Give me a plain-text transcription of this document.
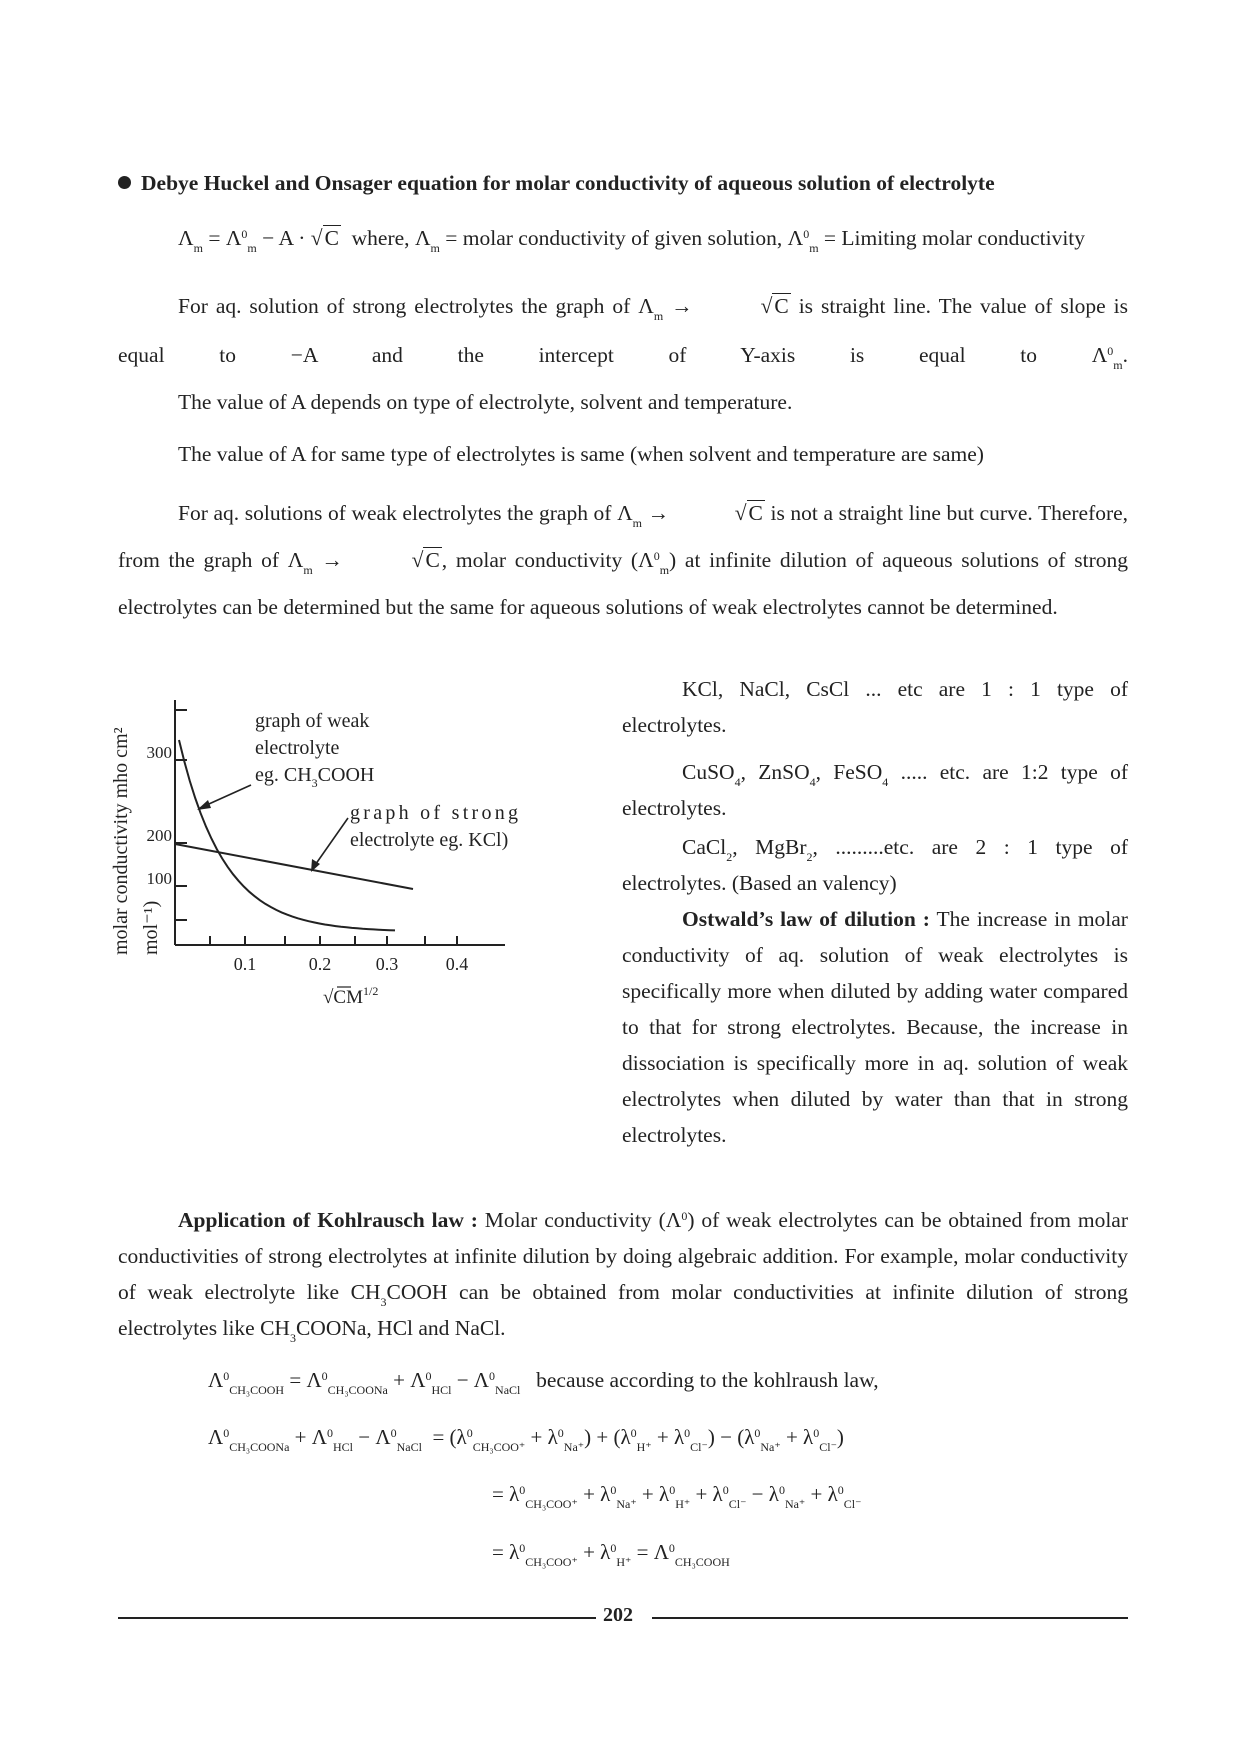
Debye Huckel and Onsager equation for molar conductivity of aqueous solution of electrolyte
$\Lambda_m = \Lambda^0_m - A \cdot √C$ where, $\Lambda_m$ = molar conductivity of given solution, $\Lambda^0_m$ = Limiting molar conductivity
For aq. solution of strong electrolytes the graph of $\Lambda_m$ →	√C is straight line. The value of slope is equal to −A and the intercept of Y-axis is equal to	$\Lambda^0_m$.
The value of A depends on type of electrolyte, solvent and temperature.
The value of A for same type of electrolytes is same (when solvent and temperature are same)
For aq. solutions of weak electrolytes the graph of $\Lambda_m$ →	√C is not a straight line but curve. Therefore, from the graph of $\Lambda_m$ →	√C, molar conductivity $(\Lambda^0_m)$ at infinite dilution of aqueous solutions of strong electrolytes can be determined but the same for aqueous solutions of weak electrolytes cannot be determined.
300
200
100
0.1	0.2 0.3	0.4
graph of weak
electrolyte
eg. $CH_3COOH$
graph of strong
electrolyte eg. KCl)
molar conductivity mho cm² mol⁻¹)
$√CM^{1/2}$
KCl, NaCl, CsCl ... etc are 1 : 1 type of electrolytes.
CuSO$_4$, ZnSO$_4$, FeSO$_4$ ..... etc. are 1:2 type of electrolytes.
CaCl$_2$, MgBr$_2$, .........etc. are 2 : 1 type of electrolytes. (Based an valency)
Ostwald’s law of dilution : The increase in molar conductivity of aq. solution of weak electrolytes is specifically more when diluted by adding water compared to that for strong electrolytes. Because, the increase in dissociation is specifically more in aq. solution of weak electrolytes when diluted by water than that in strong electrolytes.
Application of Kohlrausch law : Molar conductivity $(\Lambda^0)$ of weak electrolytes can be obtained from molar conductivities of strong electrolytes at infinite dilution by doing algebraic addition. For example, molar conductivity of weak electrolyte like $CH_3COOH$ can be obtained from molar conductivities at infinite dilution of strong electrolytes like $CH_3COONa$, HCl and NaCl.
$\Lambda^0_{CH_3COOH} = \Lambda^0_{CH_3COONa} + \Lambda^0_{HCl} - \Lambda^0_{NaCl}$ because according to the kohlraush law,
$\Lambda^0_{CH_3COONa} + \Lambda^0_{HCl} - \Lambda^0_{NaCl} = (\lambda^0_{CH_3COO^+} + \lambda^0_{Na^+}) + (\lambda^0_{H^+} + \lambda^0_{Cl^-}) - (\lambda^0_{Na^+} + \lambda^0_{Cl^-})$
= $\lambda^0_{CH_3COO^+} + \lambda^0_{Na^+} + \lambda^0_{H^+} + \lambda^0_{Cl^-} - \lambda^0_{Na^+} + \lambda^0_{Cl^-}$
= $\lambda^0_{CH_3COO^+} + \lambda^0_{H^+} = \Lambda^0_{CH_3COOH}$
202
